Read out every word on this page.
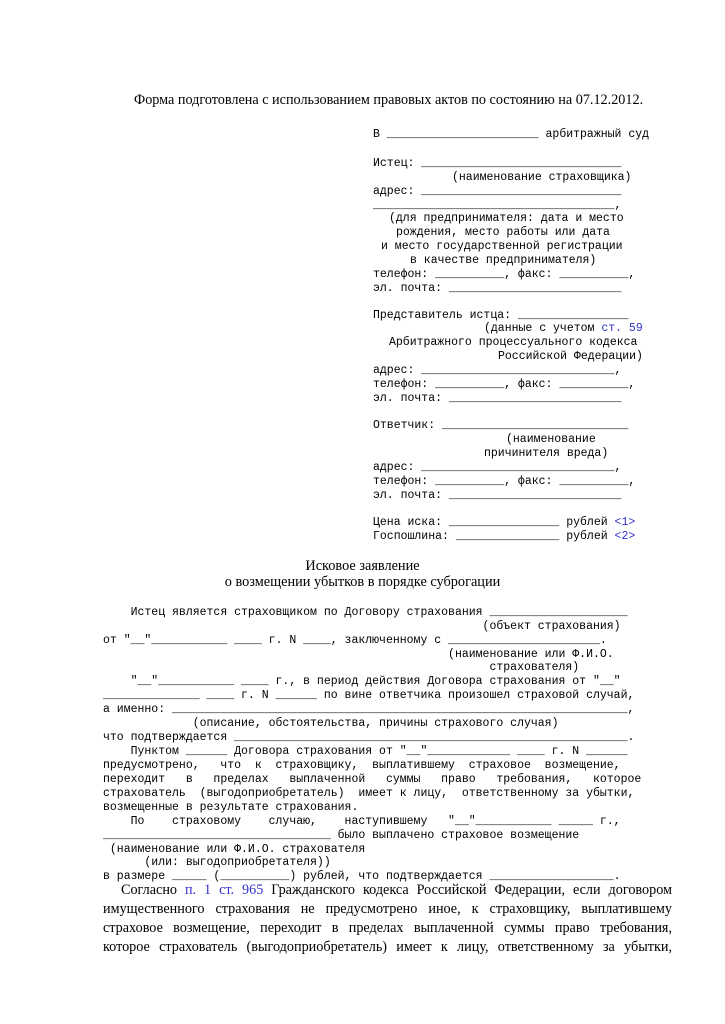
Форма подготовлена с использованием правовых актов по состоянию на 07.12.2012.
В ______________________ арбитражный суд
Истец: _____________________________
(наименование страховщика)
адрес: _____________________________
___________________________________,
(для предпринимателя: дата и место
рождения, место работы или дата
и место государственной регистрации
в качестве предпринимателя)
телефон: __________, факс: __________,
эл. почта: _________________________
Представитель истца: ________________
(данные с учетом ст. 59
Арбитражного процессуального кодекса
Российской Федерации)
адрес: ____________________________,
телефон: __________, факс: __________,
эл. почта: _________________________
Ответчик: ___________________________
(наименование
причинителя вреда)
адрес: ____________________________,
телефон: __________, факс: __________,
эл. почта: _________________________
Цена иска: ________________ рублей <1>
Госпошлина: _______________ рублей <2>
Исковое заявление
о возмещении убытков в порядке суброгации
Истец является страховщиком по Договору страхования ____________________
(объект страхования)
от "__"___________ ____ г. N ____, заключенному с ______________________.
(наименование или Ф.И.О.
страхователя)
"__"___________ ____ г., в период действия Договора страхования от "__"
______________ ____ г. N ______ по вине ответчика произошел страховой случай,
а именно: __________________________________________________________________,
(описание, обстоятельства, причины страхового случая)
что подтверждается _________________________________________________________.
Пунктом ______ Договора страхования от "__"____________ ____ г. N ______
предусмотрено,   что  к  страховщику,  выплатившему  страховое  возмещение,
переходит   в   пределах   выплаченной   суммы   право   требования,   которое
страхователь  (выгодоприобретатель)  имеет к лицу,  ответственному за убытки,
возмещенные в результате страхования.
По    страховому    случаю,    наступившему   "__"___________ _____ г.,
_________________________________ было выплачено страховое возмещение
(наименование или Ф.И.О. страхователя
(или: выгодоприобретателя))
в размере _____ (__________) рублей, что подтверждается __________________.
Согласно п. 1 ст. 965 Гражданского кодекса Российской Федерации, если договором
имущественного страхования не предусмотрено иное, к страховщику, выплатившему
страховое возмещение, переходит в пределах выплаченной суммы право требования,
которое страхователь (выгодоприобретатель) имеет к лицу, ответственному за убытки,
